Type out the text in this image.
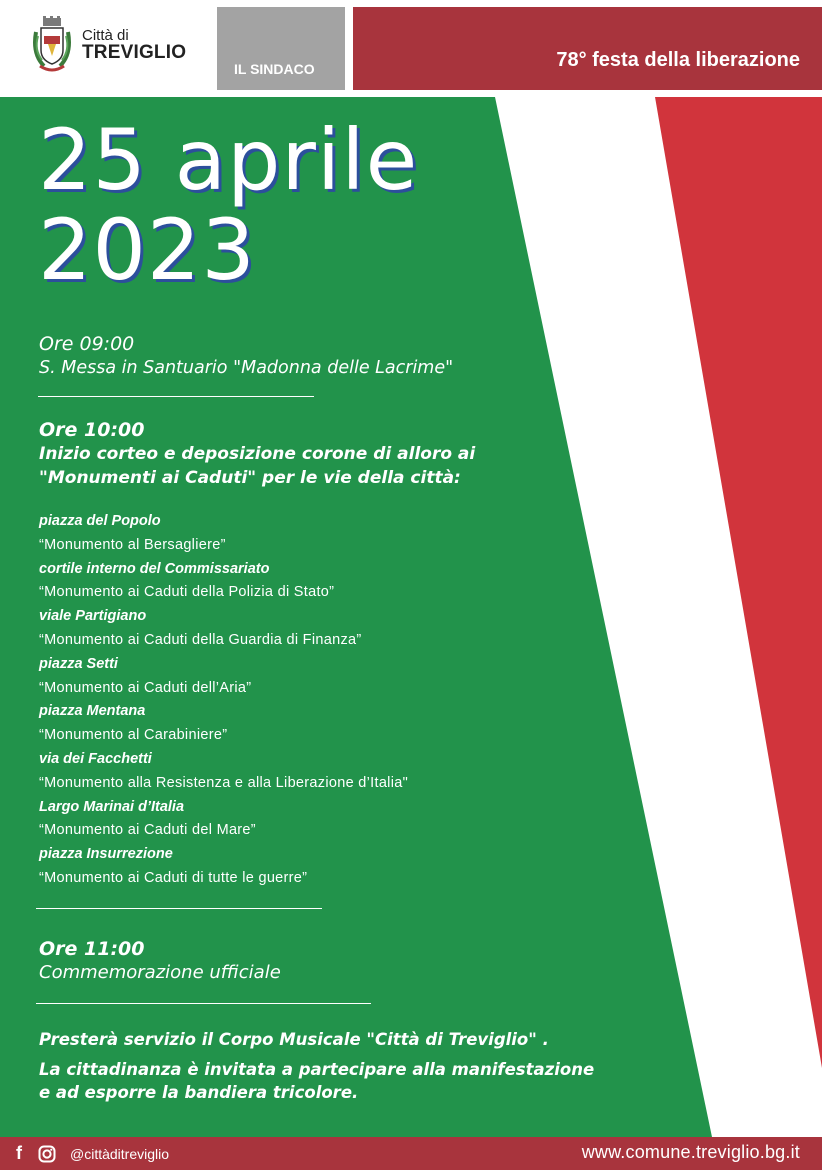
Città di
TREVIGLIO
IL SINDACO	78° festa della liberazione
25 aprile
2023
Ore 09:00
S. Messa in Santuario "Madonna delle Lacrime"
Ore 10:00
Inizio corteo e deposizione corone di alloro ai
"Monumenti ai Caduti" per le vie della città:
piazza del Popolo
“Monumento al Bersagliere”
cortile interno del Commissariato
“Monumento ai Caduti della Polizia di Stato”
viale Partigiano
“Monumento ai Caduti della Guardia di Finanza”
piazza Setti
“Monumento ai Caduti dell’Aria”
piazza Mentana
“Monumento al Carabiniere”
via dei Facchetti
“Monumento alla Resistenza e alla Liberazione d’Italia"
Largo Marinai d’Italia
“Monumento ai Caduti del Mare”
piazza Insurrezione
“Monumento ai Caduti di tutte le guerre”
Ore 11:00
Commemorazione ufficiale
Presterà servizio il Corpo Musicale "Città di Treviglio" .
La cittadinanza è invitata a partecipare alla manifestazione
e ad esporre la bandiera tricolore.
f	@cittàditreviglio	www.comune.treviglio.bg.it
